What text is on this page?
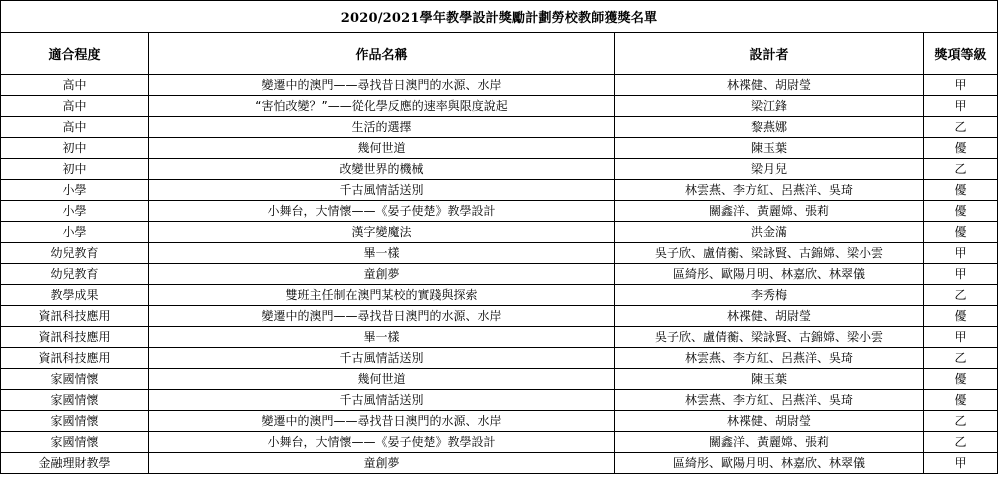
2020/2021學年教學設計獎勵計劃勞校教師獲獎名單			
適合程度	作品名稱	設計者	獎項等級
高中	變遷中的澳門——尋找昔日澳門的水源、水岸	林褋健、胡尉瑩	甲
高中	“害怕改變？”——從化學反應的速率與限度說起	梁江鋒	甲
高中	生活的選擇	黎燕娜	乙
初中	幾何世道	陳玉葉	優
初中	改變世界的機械	梁月兒	乙
小學	千古風情話送別	林雲燕、李方紅、呂燕洋、吳琦	優
小學	小舞台，大情懷——《晏子使楚》教學設計	關鑫洋、黃麗嫦、張莉	優
小學	漢字變魔法	洪金滿	優
幼兒教育	畢一樣	吳子欣、盧倩蘅、梁詠賢、古錦嫦、梁小雲	甲
幼兒教育	童創夢	區綺彤、歐陽月明、林嘉欣、林翠儀	甲
教學成果	雙班主任制在澳門某校的實踐與探索	李秀梅	乙
資訊科技應用	變遷中的澳門——尋找昔日澳門的水源、水岸	林褋健、胡尉瑩	優
資訊科技應用	畢一樣	吳子欣、盧倩蘅、梁詠賢、古錦嫦、梁小雲	甲
資訊科技應用	千古風情話送別	林雲燕、李方紅、呂燕洋、吳琦	乙
家國情懷	幾何世道	陳玉葉	優
家國情懷	千古風情話送別	林雲燕、李方紅、呂燕洋、吳琦	優
家國情懷	變遷中的澳門——尋找昔日澳門的水源、水岸	林褋健、胡尉瑩	乙
家國情懷	小舞台，大情懷——《晏子使楚》教學設計	關鑫洋、黃麗嫦、張莉	乙
金融理財教學	童創夢	區綺彤、歐陽月明、林嘉欣、林翠儀	甲
